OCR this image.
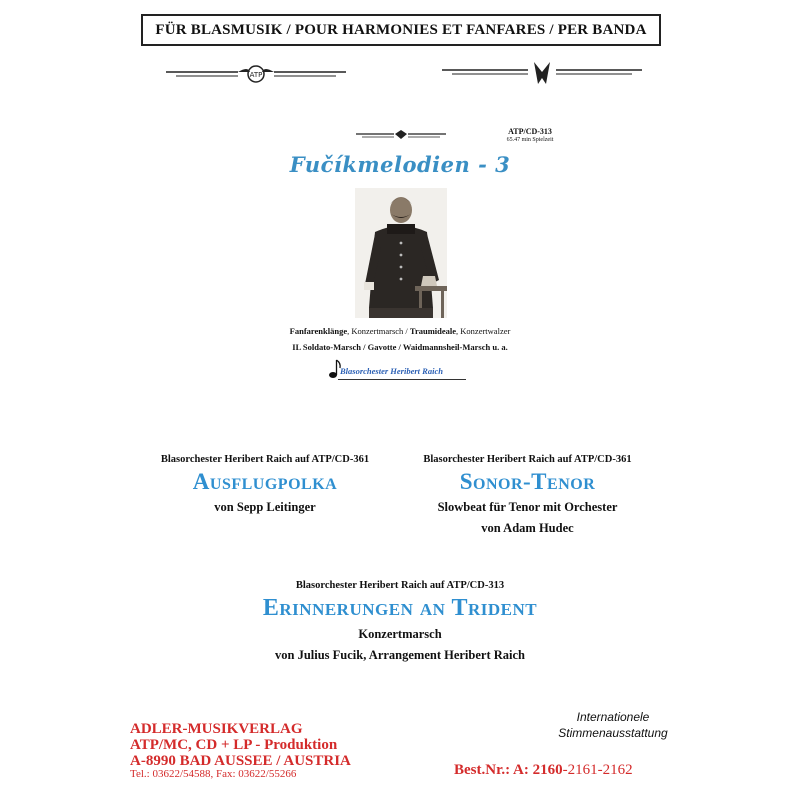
FÜR BLASMUSIK / POUR HARMONIES ET FANFARES / PER BANDA
ATP
ATP/CD-313
65.47 min Spielzeit
Fučíkmelodien - 3
Fanfarenklänge, Konzertmarsch / Traumideale, Konzertwalzer
IL Soldato-Marsch / Gavotte / Waidmannsheil-Marsch u. a.
Blasorchester Heribert Raich
Blasorchester Heribert Raich auf ATP/CD-361
Ausflugpolka
von Sepp Leitinger
Blasorchester Heribert Raich auf ATP/CD-361
Sonor-Tenor
Slowbeat für Tenor mit Orchester
von Adam Hudec
Blasorchester Heribert Raich auf ATP/CD-313
Erinnerungen an Trident
Konzertmarsch
von Julius Fucik, Arrangement Heribert Raich
ADLER-MUSIKVERLAG
ATP/MC, CD + LP - Produktion
A-8990 BAD AUSSEE / AUSTRIA
Tel.: 03622/54588, Fax: 03622/55266
Internationele
Stimmenausstattung
Best.Nr.: A: 2160-2161-2162
